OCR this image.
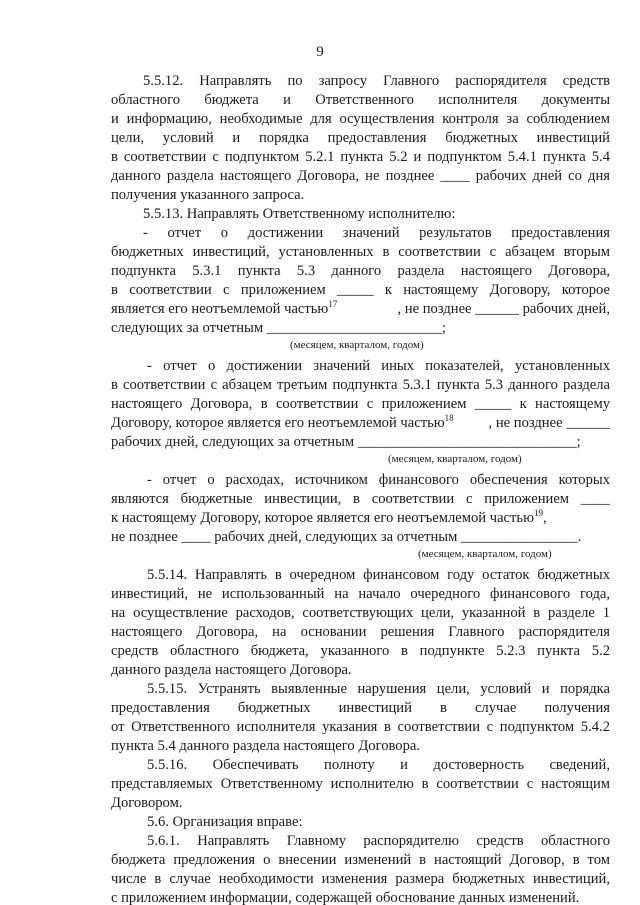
9
5.5.12. Направлять по запросу Главного распорядителя средств
областного бюджета и Ответственного исполнителя документы
и информацию, необходимые для осуществления контроля за соблюдением
цели, условий и порядка предоставления бюджетных инвестиций
в соответствии с подпунктом 5.2.1 пункта 5.2 и подпунктом 5.4.1 пункта 5.4
данного раздела настоящего Договора, не позднее ____ рабочих дней со дня
получения указанного запроса.
5.5.13. Направлять Ответственному исполнителю:
- отчет о достижении значений результатов предоставления
бюджетных инвестиций, установленных в соответствии с абзацем вторым
подпункта 5.3.1 пункта 5.3 данного раздела настоящего Договора,
в соответствии с приложением _____ к настоящему Договору, которое
является его неотъемлемой частью$^{17}$	, не позднее ______ рабочих дней,
следующих за отчетным ________________________;
(месяцем, кварталом, годом)
- отчет о достижении значений иных показателей, установленных
в соответствии с абзацем третьим подпункта 5.3.1 пункта 5.3 данного раздела
настоящего Договора, в соответствии с приложением _____ к настоящему
Договору, которое является его неотъемлемой частью$^{18}$ , не позднее ______
рабочих дней, следующих за отчетным ______________________________;
(месяцем, кварталом, годом)
- отчет о расходах, источником финансового обеспечения которых
являются бюджетные инвестиции, в соответствии с приложением ____
к настоящему Договору, которое является его неотъемлемой частью$^{19}$,
не позднее ____ рабочих дней, следующих за отчетным ________________.
(месяцем, кварталом, годом)
5.5.14. Направлять в очередном финансовом году остаток бюджетных
инвестиций, не использованный на начало очередного финансового года,
на осуществление расходов, соответствующих цели, указанной в разделе 1
настоящего Договора, на основании решения Главного распорядителя
средств областного бюджета, указанного в подпункте 5.2.3 пункта 5.2
данного раздела настоящего Договора.
5.5.15. Устранять выявленные нарушения цели, условий и порядка
предоставления бюджетных инвестиций в случае получения
от Ответственного исполнителя указания в соответствии с подпунктом 5.4.2
пункта 5.4 данного раздела настоящего Договора.
5.5.16. Обеспечивать полноту и достоверность сведений,
представляемых Ответственному исполнителю в соответствии с настоящим
Договором.
5.6. Организация вправе:
5.6.1. Направлять Главному распорядителю средств областного
бюджета предложения о внесении изменений в настоящий Договор, в том
числе в случае необходимости изменения размера бюджетных инвестиций,
с приложением информации, содержащей обоснование данных изменений.
